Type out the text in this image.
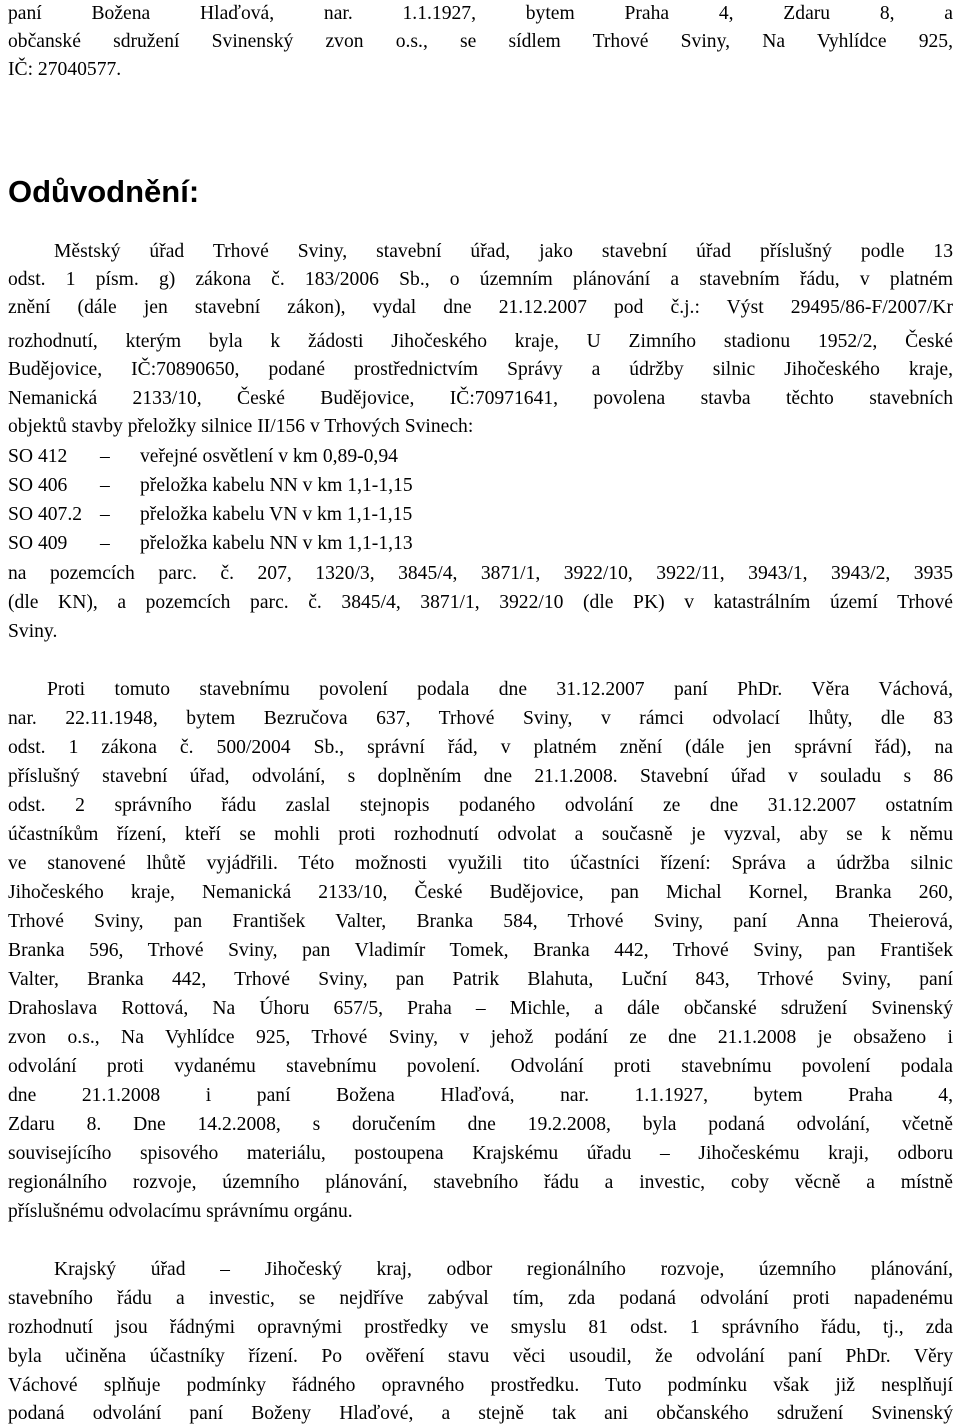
paní Božena Hlaďová, nar. 1.1.1927, bytem Praha 4, Zdaru 8, a
občanské sdružení Svinenský zvon o.s., se sídlem Trhové Sviny, Na Vyhlídce 925,
IČ: 27040577.
Odůvodnění:
Městský úřad Trhové Sviny, stavební úřad, jako stavební úřad příslušný podle 13
odst. 1 písm. g) zákona č. 183/2006 Sb., o územním plánování a stavebním řádu, v platném
znění (dále jen stavební zákon), vydal dne 21.12.2007 pod č.j.: Výst 29495/86-F/2007/Kr
rozhodnutí, kterým byla k žádosti Jihočeského kraje, U Zimního stadionu 1952/2, České
Budějovice, IČ:70890650, podané prostřednictvím Správy a údržby silnic Jihočeského kraje,
Nemanická 2133/10, České Budějovice, IČ:70971641, povolena stavba těchto stavebních
objektů stavby přeložky silnice II/156 v Trhových Svinech:
SO 412 – veřejné osvětlení v km 0,89-0,94
SO 406 – přeložka kabelu NN v km 1,1-1,15
SO 407.2 – přeložka kabelu VN v km 1,1-1,15
SO 409 – přeložka kabelu NN v km 1,1-1,13
na pozemcích parc. č. 207, 1320/3, 3845/4, 3871/1, 3922/10, 3922/11, 3943/1, 3943/2, 3935
(dle KN), a pozemcích parc. č. 3845/4, 3871/1, 3922/10 (dle PK) v katastrálním území Trhové
Sviny.
Proti tomuto stavebnímu povolení podala dne 31.12.2007 paní PhDr. Věra Váchová,
nar. 22.11.1948, bytem Bezručova 637, Trhové Sviny, v rámci odvolací lhůty, dle 83
odst. 1 zákona č. 500/2004 Sb., správní řád, v platném znění (dále jen správní řád), na
příslušný stavební úřad, odvolání, s doplněním dne 21.1.2008. Stavební úřad v souladu s 86
odst. 2 správního řádu zaslal stejnopis podaného odvolání ze dne 31.12.2007 ostatním
účastníkům řízení, kteří se mohli proti rozhodnutí odvolat a současně je vyzval, aby se k němu
ve stanovené lhůtě vyjádřili. Této možnosti využili tito účastníci řízení: Správa a údržba silnic
Jihočeského kraje, Nemanická 2133/10, České Budějovice, pan Michal Kornel, Branka 260,
Trhové Sviny, pan František Valter, Branka 584, Trhové Sviny, paní Anna Theierová,
Branka 596, Trhové Sviny, pan Vladimír Tomek, Branka 442, Trhové Sviny, pan František
Valter, Branka 442, Trhové Sviny, pan Patrik Blahuta, Luční 843, Trhové Sviny, paní
Drahoslava Rottová, Na Úhoru 657/5, Praha – Michle, a dále občanské sdružení Svinenský
zvon o.s., Na Vyhlídce 925, Trhové Sviny, v jehož podání ze dne 21.1.2008 je obsaženo i
odvolání proti vydanému stavebnímu povolení. Odvolání proti stavebnímu povolení podala
dne 21.1.2008 i paní Božena Hlaďová, nar. 1.1.1927, bytem Praha 4,
Zdaru 8. Dne 14.2.2008, s doručením dne 19.2.2008, byla podaná odvolání, včetně
souvisejícího spisového materiálu, postoupena Krajskému úřadu – Jihočeskému kraji, odboru
regionálního rozvoje, územního plánování, stavebního řádu a investic, coby věcně a místně
příslušnému odvolacímu správnímu orgánu.
Krajský úřad – Jihočeský kraj, odbor regionálního rozvoje, územního plánování,
stavebního řádu a investic, se nejdříve zabýval tím, zda podaná odvolání proti napadenému
rozhodnutí jsou řádnými opravnými prostředky ve smyslu 81 odst. 1 správního řádu, tj., zda
byla učiněna účastníky řízení. Po ověření stavu věci usoudil, že odvolání paní PhDr. Věry
Váchové splňuje podmínky řádného opravného prostředku. Tuto podmínku však již nesplňují
podaná odvolání paní Boženy Hlaďové, a stejně tak ani občanského sdružení Svinenský
